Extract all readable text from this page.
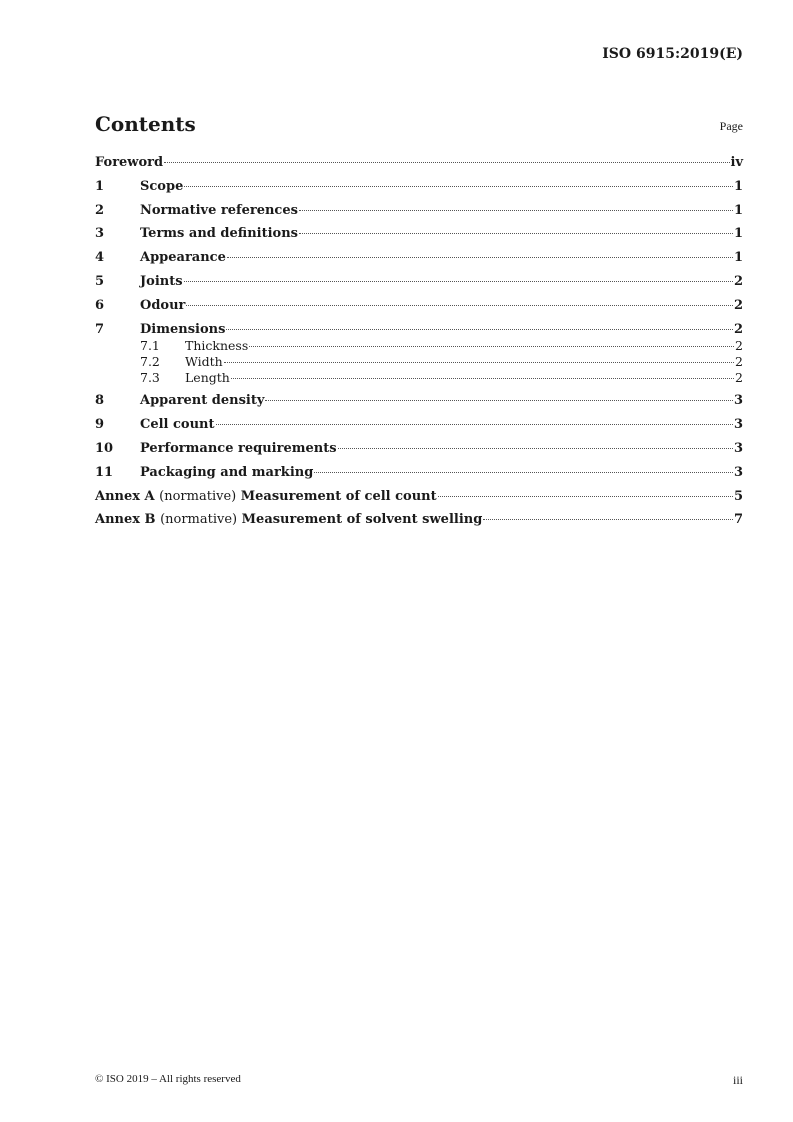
ISO 6915:2019(E)
Contents	Page
Foreword	iv
1	Scope	1
2	Normative references	1
3	Terms and definitions	1
4	Appearance	1
5	Joints	2
6	Odour	2
7	Dimensions	2
7.1	Thickness	2
7.2	Width	2
7.3	Length	2
8	Apparent density	3
9	Cell count	3
10	Performance requirements	3
11	Packaging and marking	3
Annex A (normative) Measurement of cell count	5
Annex B (normative) Measurement of solvent swelling	7
© ISO 2019 – All rights reserved	iii
